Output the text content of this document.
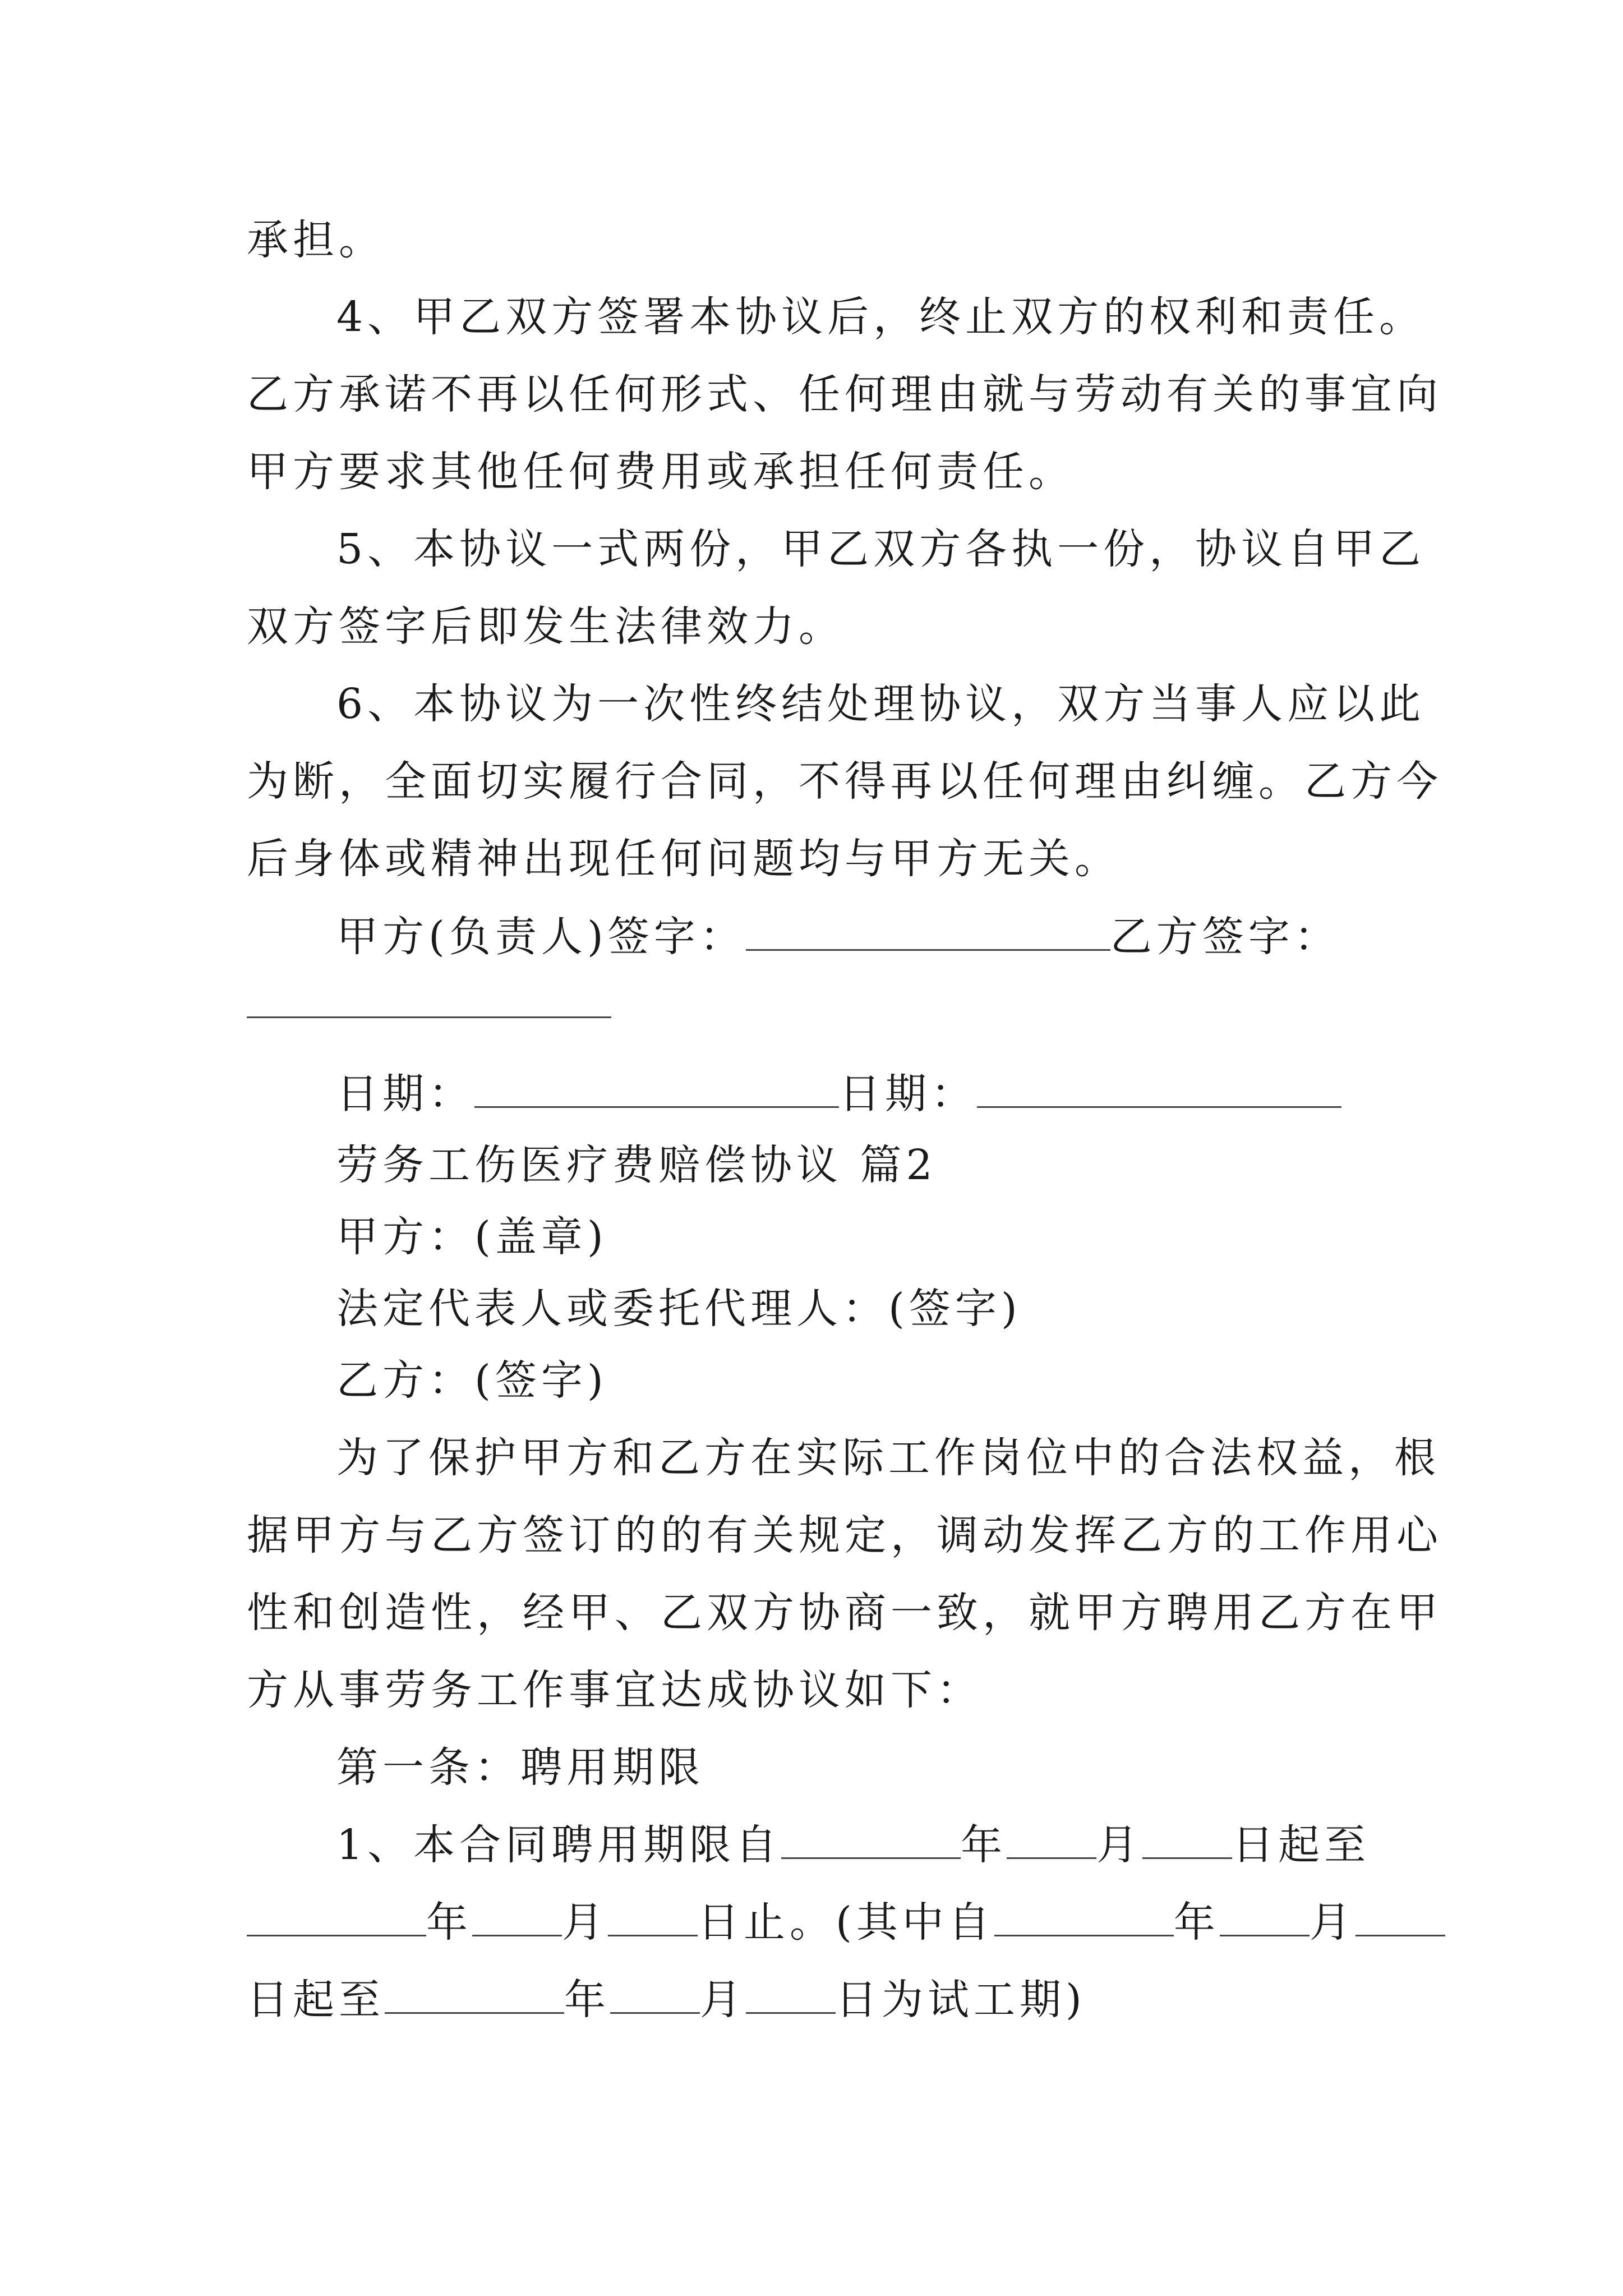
承担。
4、甲乙双方签署本协议后，终止双方的权利和责任。
乙方承诺不再以任何形式、任何理由就与劳动有关的事宜向
甲方要求其他任何费用或承担任何责任。
5、本协议一式两份，甲乙双方各执一份，协议自甲乙
双方签字后即发生法律效力。
6、本协议为一次性终结处理协议，双方当事人应以此
为断，全面切实履行合同，不得再以任何理由纠缠。乙方今
后身体或精神出现任何问题均与甲方无关。
甲方(负责人)签字：	乙方签字：
日期：	日期：
劳务工伤医疗费赔偿协议 篇2
甲方：(盖章)
法定代表人或委托代理人：(签字)
乙方：(签字)
为了保护甲方和乙方在实际工作岗位中的合法权益，根
据甲方与乙方签订的的有关规定，调动发挥乙方的工作用心
性和创造性，经甲、乙双方协商一致，就甲方聘用乙方在甲
方从事劳务工作事宜达成协议如下：
第一条：聘用期限
1、本合同聘用期限自	年 月 日起至
年 月 日止。(其中自	年 月
日起至	年 月 日为试工期)
